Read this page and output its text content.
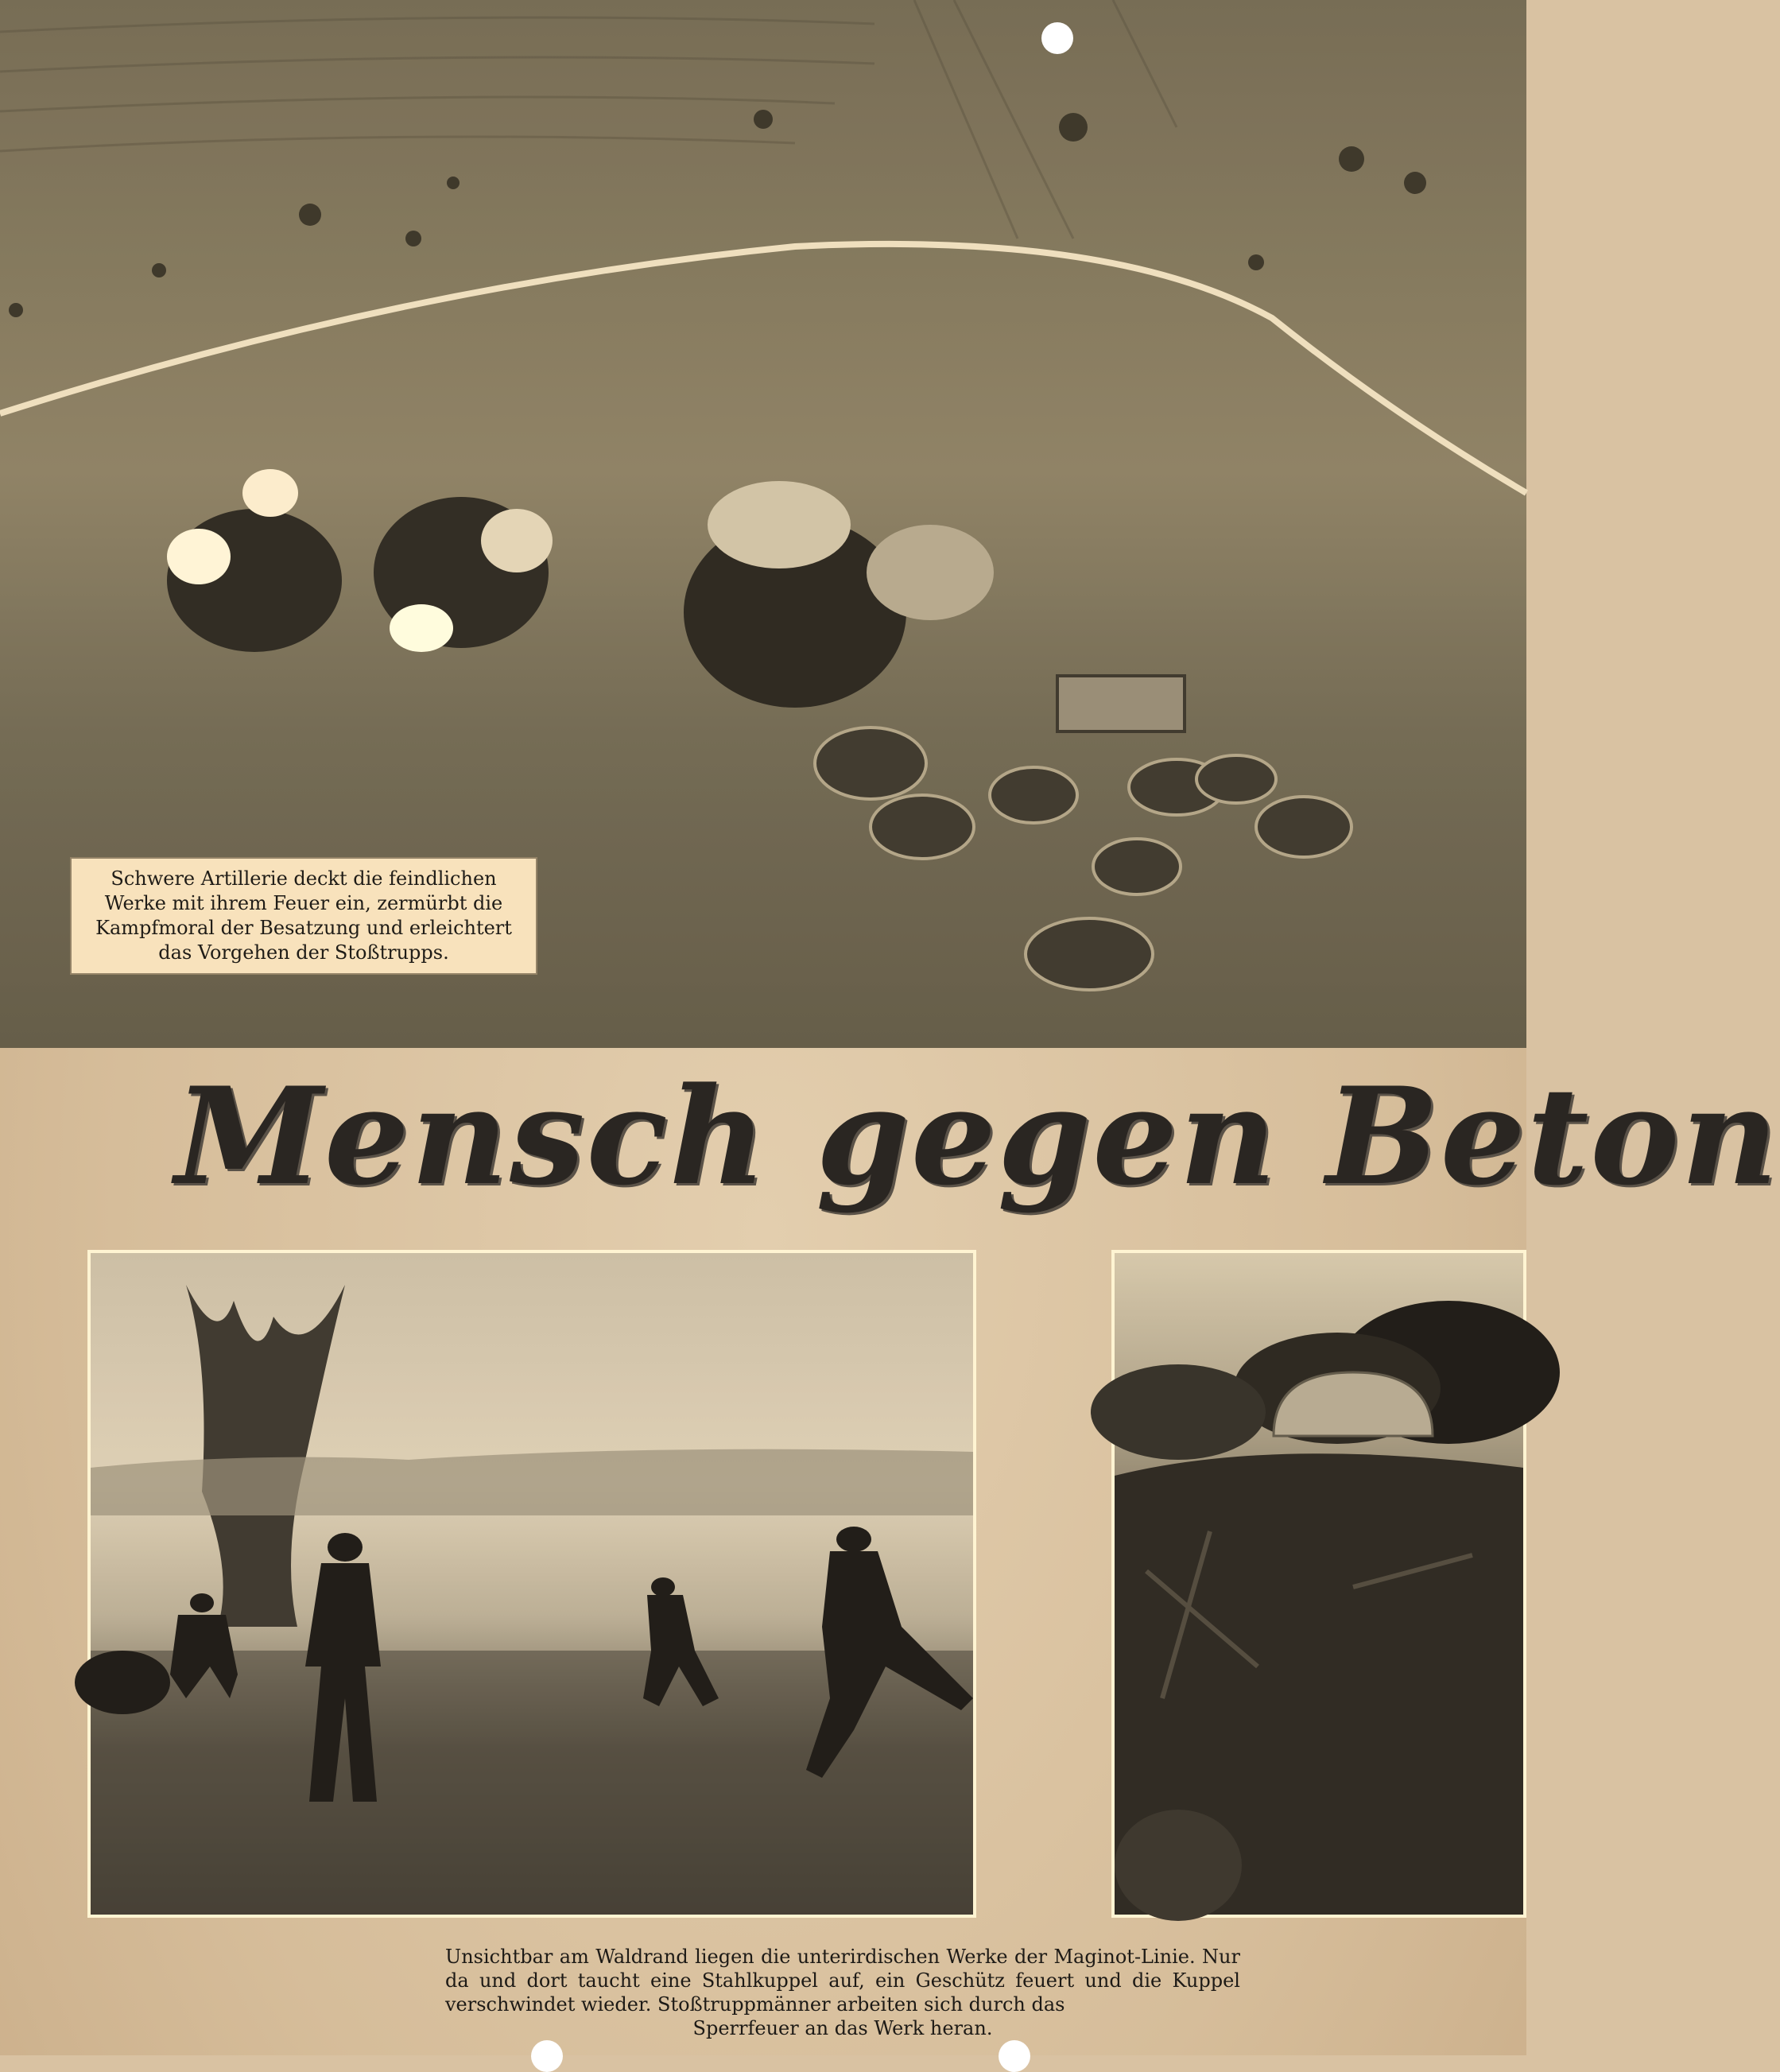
Schwere Artillerie deckt die feindlichen Werke mit ihrem Feuer ein, zermürbt die Kampfmoral der Besatzung und erleichtert das Vorgehen der Stoßtrupps.
Mensch gegen Beton
Unsichtbar am Waldrand liegen die unterirdischen Werke der Maginot-Linie. Nur da und dort taucht eine Stahlkuppel auf, ein Geschütz feuert und die Kuppel verschwindet wieder. Stoßtruppmänner arbeiten sich durch das
Sperrfeuer an das Werk heran.
